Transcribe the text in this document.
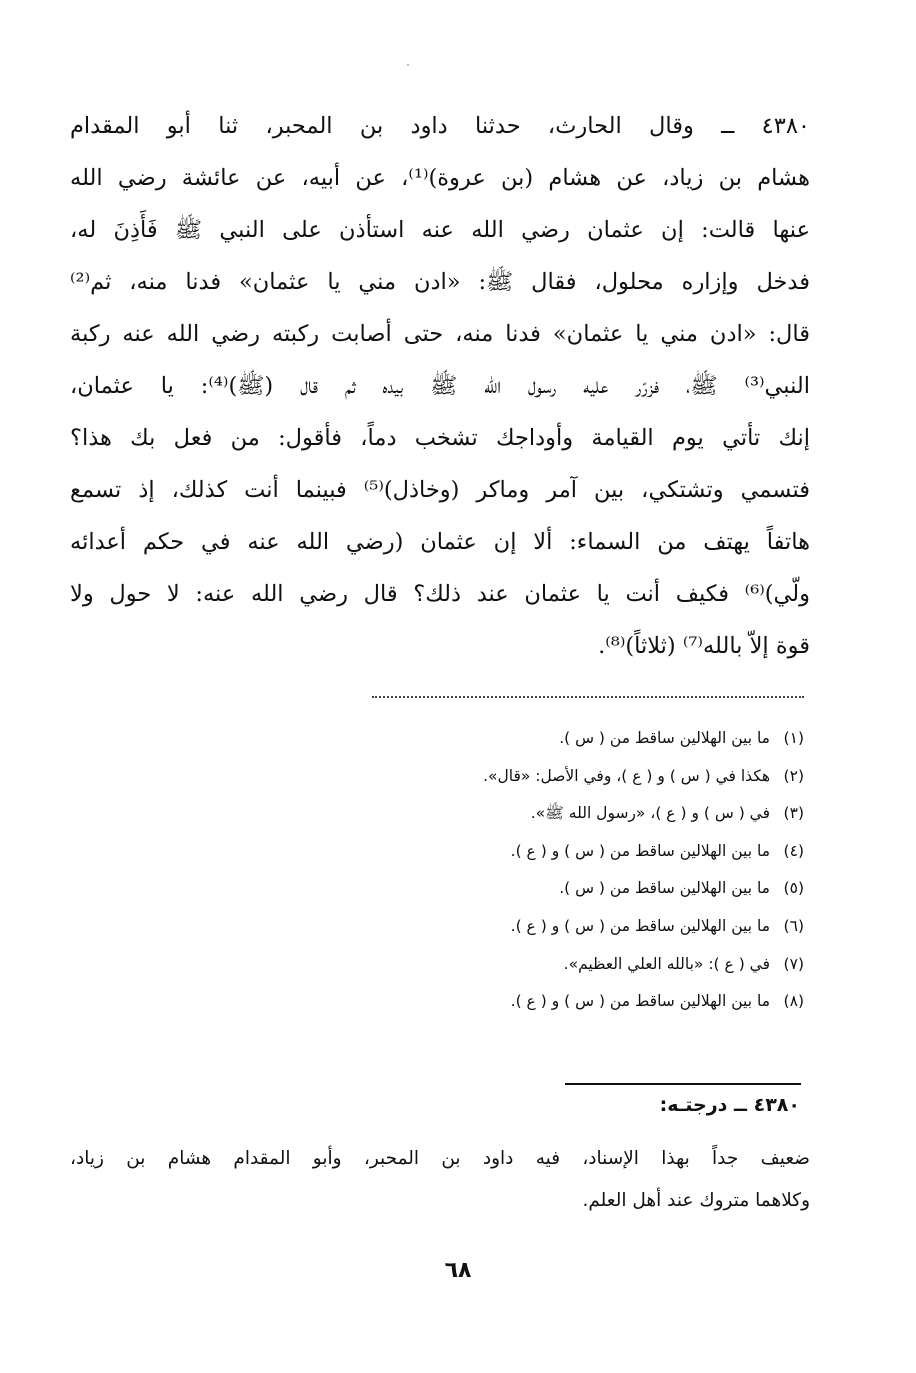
٤٣٨٠ ــ وقال الحارث، حدثنا داود بن المحبر، ثنا أبو المقدام
هشام بن زياد، عن هشام (بن عروة)⁽¹⁾، عن أبيه، عن عائشة رضي الله
عنها قالت: إن عثمان رضي الله عنه استأذن على النبي ﷺ فَأَذِنَ له،
فدخل وإزاره محلول، فقال ﷺ: «ادن مني يا عثمان» فدنا منه، ثم⁽²⁾
قال: «ادن مني يا عثمان» فدنا منه، حتى أصابت ركبته رضي الله عنه ركبة
النبي⁽³⁾ ﷺ، فزرّر عليه رسول الله ﷺ بيده ثم قال (ﷺ)⁽⁴⁾: يا عثمان،
إنك تأتي يوم القيامة وأوداجك تشخب دماً، فأقول: من فعل بك هذا؟
فتسمي وتشتكي، بين آمر وماكر (وخاذل)⁽⁵⁾ فبينما أنت كذلك، إذ تسمع
هاتفاً يهتف من السماء: ألا إن عثمان (رضي الله عنه في حكم أعدائه
ولّي)⁽⁶⁾ فكيف أنت يا عثمان عند ذلك؟ قال رضي الله عنه: لا حول ولا
قوة إلاّ بالله⁽⁷⁾ (ثلاثاً)⁽⁸⁾.
(١)
ما بين الهلالين ساقط من ( س ).
(٢)
هكذا في ( س ) و ( ع )، وفي الأصل: «قال».
(٣)
في ( س ) و ( ع )، «رسول الله ﷺ».
(٤)
ما بين الهلالين ساقط من ( س ) و ( ع ).
(٥)
ما بين الهلالين ساقط من ( س ).
(٦)
ما بين الهلالين ساقط من ( س ) و ( ع ).
(٧)
في ( ع ): «بالله العلي العظيم».
(٨)
ما بين الهلالين ساقط من ( س ) و ( ع ).
٤٣٨٠ ــ درجتـه:
ضعيف جداً بهذا الإسناد، فيه داود بن المحبر، وأبو المقدام هشام بن زياد،
وكلاهما متروك عند أهل العلم.
٦٨
